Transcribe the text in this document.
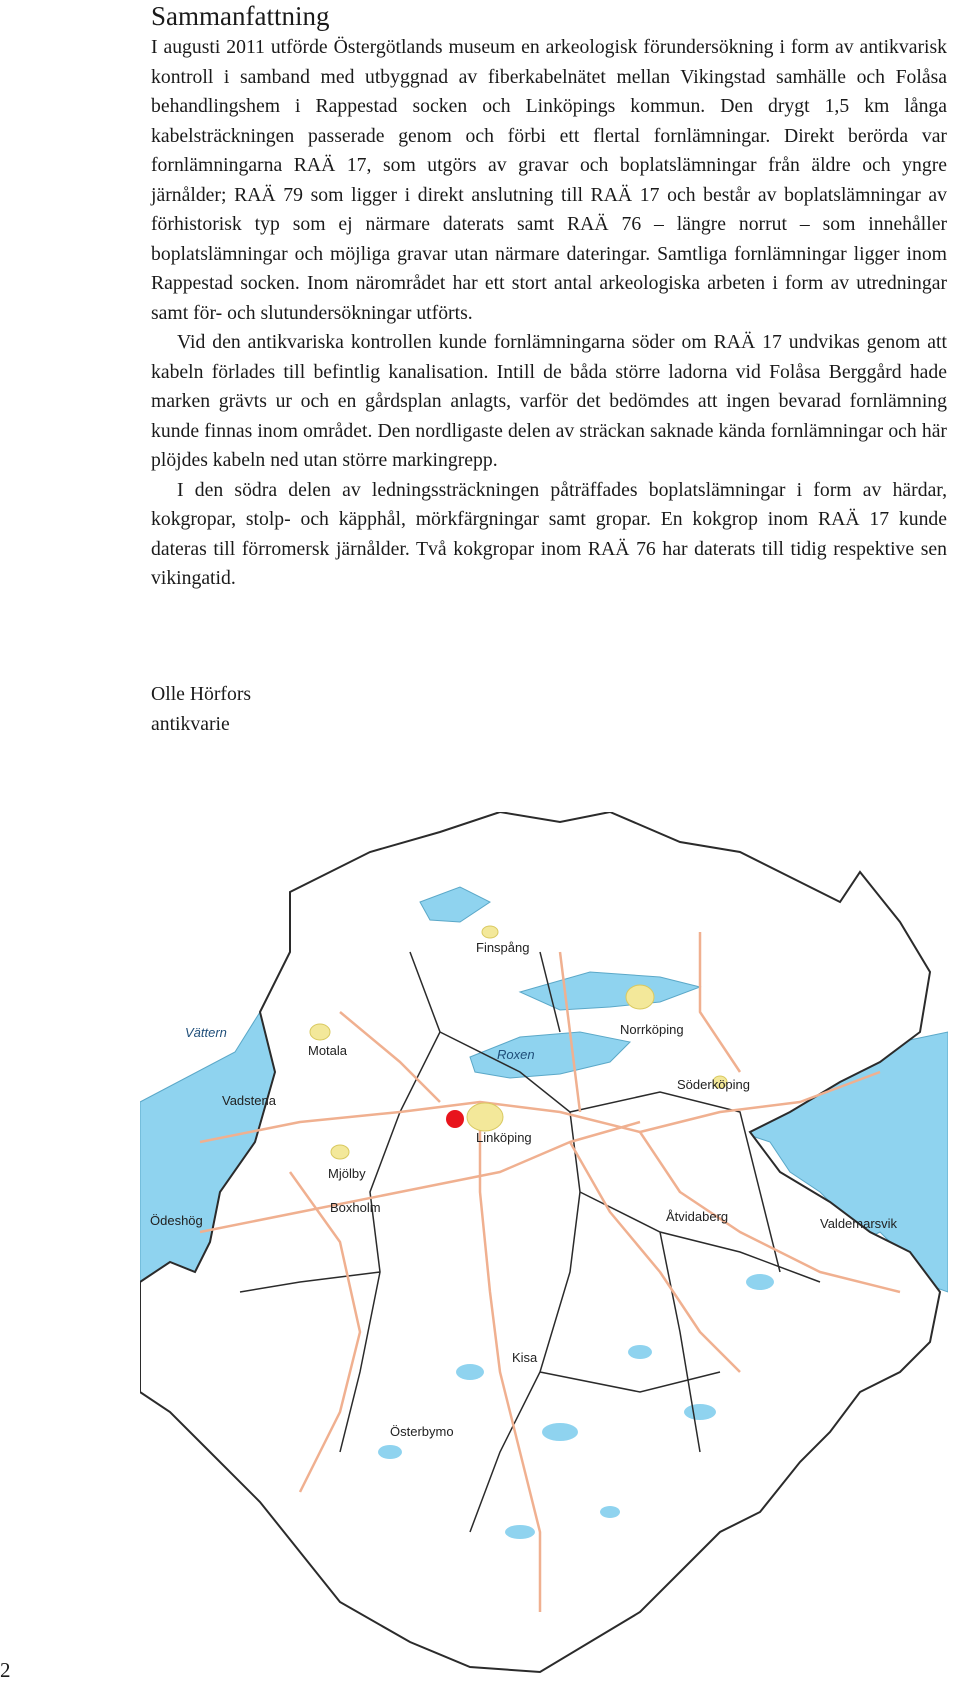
Sammanfattning

I augusti 2011 utförde Östergötlands museum en arkeologisk förundersökning i form av antikvarisk kontroll i samband med utbyggnad av fiberkabelnätet mellan Vikingstad samhälle och Folåsa behandlingshem i Rappestad socken och Linköpings kommun. Den drygt 1,5 km långa kabelsträckningen passerade genom och förbi ett flertal fornlämningar. Direkt berörda var fornlämningarna RAÄ 17, som utgörs av gravar och boplatslämningar från äldre och yngre järnålder; RAÄ 79 som ligger i direkt anslutning till RAÄ 17 och består av boplatslämningar av förhistorisk typ som ej närmare daterats samt RAÄ 76 – längre norrut – som innehåller boplatslämningar och möjliga gravar utan närmare dateringar. Samtliga fornlämningar ligger inom Rappestad socken. Inom närområdet har ett stort antal arkeologiska arbeten i form av utredningar samt för- och slutundersökningar utförts.

Vid den antikvariska kontrollen kunde fornlämningarna söder om RAÄ 17 undvikas genom att kabeln förlades till befintlig kanalisation. Intill de båda större ladorna vid Folåsa Berggård hade marken grävts ur och en gårdsplan anlagts, varför det bedömdes att ingen bevarad fornlämning kunde finnas inom området. Den nordligaste delen av sträckan saknade kända fornlämningar och här plöjdes kabeln ned utan större markingrepp.

I den södra delen av ledningssträckningen påträffades boplatslämningar i form av härdar, kokgropar, stolp- och käpphål, mörkfärgningar samt gropar. En kokgrop inom RAÄ 17 kunde dateras till förromersk järnålder. Två kokgropar inom RAÄ 76 har daterats till tidig respektive sen vikingatid.

Olle Hörfors
antikvarie
Finspång
Vättern
Motala	Roxen
Norrköping
Vadstena
Söderköping
Linköping
Mjölby
Ödeshög
Boxholm
Åtvidaberg	Valdemarsvik
Kisa
Österbymo
2
